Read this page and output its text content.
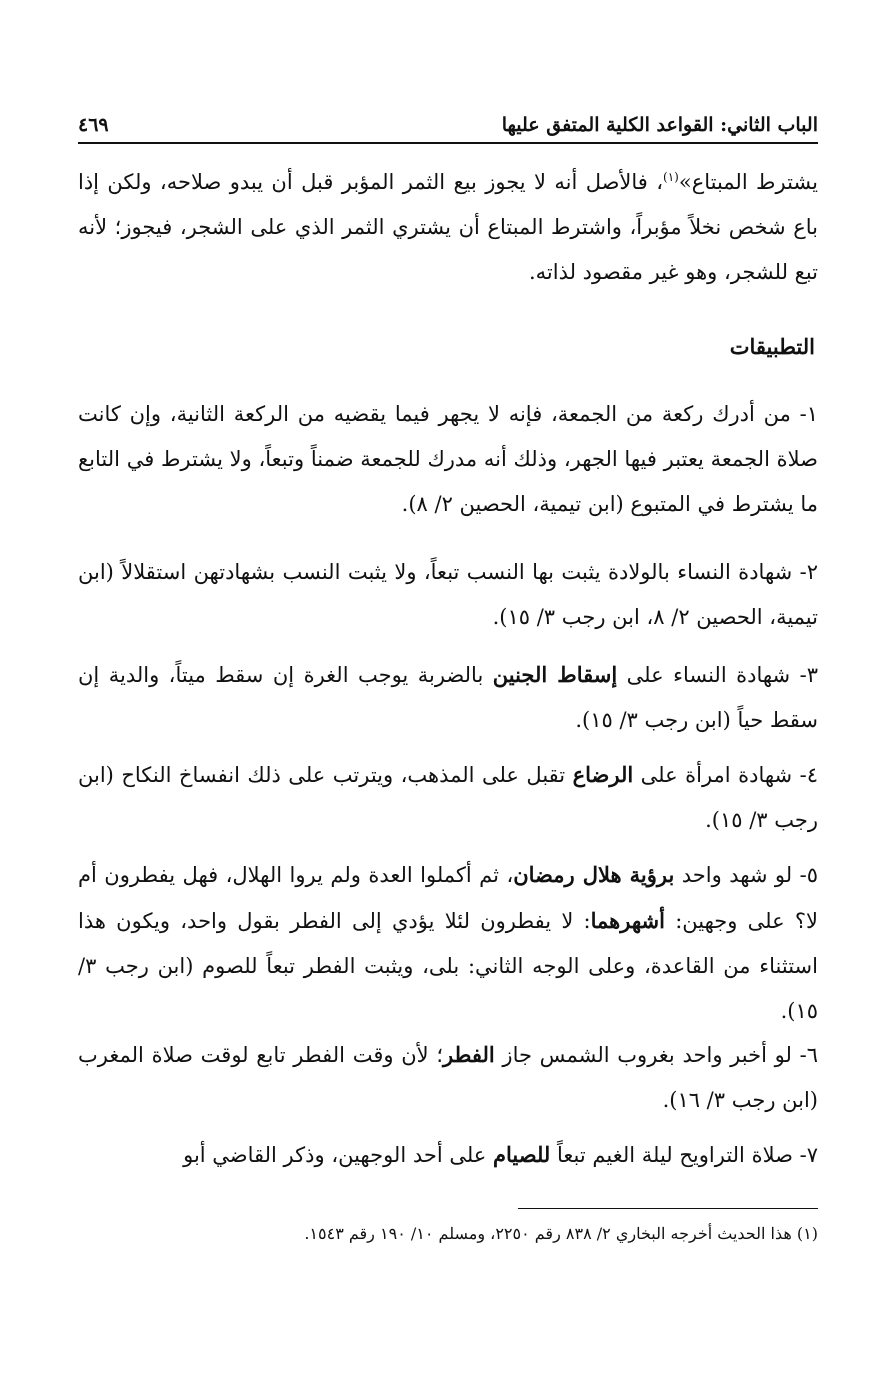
الباب الثاني: القواعد الكلية المتفق عليها
٤٦٩

يشترط المبتاع»$^{(١)}$، فالأصل أنه لا يجوز بيع الثمر المؤبر قبل أن يبدو صلاحه، ولكن إذا باع شخص نخلاً مؤبراً، واشترط المبتاع أن يشتري الثمر الذي على الشجر، فيجوز؛ لأنه تبع للشجر، وهو غير مقصود لذاته.

التطبيقات

١- من أدرك ركعة من الجمعة، فإنه لا يجهر فيما يقضيه من الركعة الثانية، وإن كانت صلاة الجمعة يعتبر فيها الجهر، وذلك أنه مدرك للجمعة ضمناً وتبعاً، ولا يشترط في التابع ما يشترط في المتبوع (ابن تيمية، الحصين ٢/ ٨).

٢- شهادة النساء بالولادة يثبت بها النسب تبعاً، ولا يثبت النسب بشهادتهن استقلالاً (ابن تيمية، الحصين ٢/ ٨، ابن رجب ٣/ ١٥).

٣- شهادة النساء على إسقاط الجنين بالضربة يوجب الغرة إن سقط ميتاً، والدية إن سقط حياً (ابن رجب ٣/ ١٥).

٤- شهادة امرأة على الرضاع تقبل على المذهب، ويترتب على ذلك انفساخ النكاح (ابن رجب ٣/ ١٥).

٥- لو شهد واحد برؤية هلال رمضان، ثم أكملوا العدة ولم يروا الهلال، فهل يفطرون أم لا؟ على وجهين: أشهرهما: لا يفطرون لئلا يؤدي إلى الفطر بقول واحد، ويكون هذا استثناء من القاعدة، وعلى الوجه الثاني: بلى، ويثبت الفطر تبعاً للصوم (ابن رجب ٣/ ١٥).

٦- لو أخبر واحد بغروب الشمس جاز الفطر؛ لأن وقت الفطر تابع لوقت صلاة المغرب (ابن رجب ٣/ ١٦).

٧- صلاة التراويح ليلة الغيم تبعاً للصيام على أحد الوجهين، وذكر القاضي أبو

(١) هذا الحديث أخرجه البخاري ٢/ ٨٣٨ رقم ٢٢٥٠، ومسلم ١٠/ ١٩٠ رقم ١٥٤٣.
